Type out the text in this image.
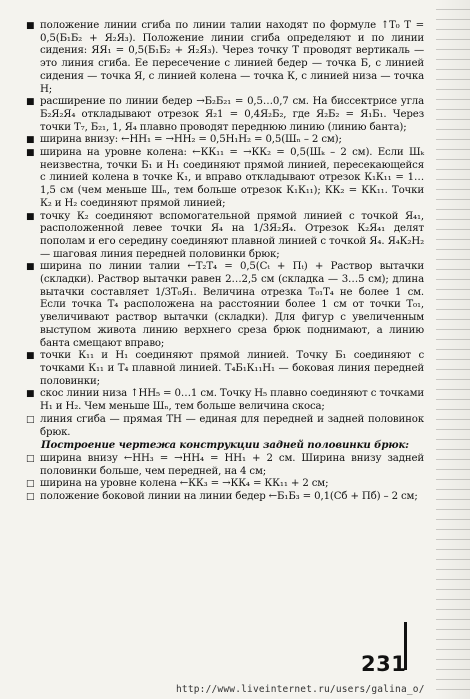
■ положение линии сгиба по линии талии находят по формуле ↑Т₀ Т = 0,5(Б₁Б₂ + Я₂Я₃). Положение линии сгиба определяют и по линии сидения: ЯЯ₁ = 0,5(Б₁Б₂ + Я₂Я₃). Через точку Т проводят вертикаль — это линия сгиба. Ее пересечение с линией бедер — точка Б, с линией сидения — точка Я, с линией колена — точка К, с линией низа — точка Н;
■ расширение по линии бедер →Б₂Б₂₁ = 0,5…0,7 см. На биссектрисе угла Б₂Я₂Я₄ откладывают отрезок Я₂1 = 0,4Я₂Б₂, где Я₂Б₂ = Я₁Б₁. Через точки Т₇, Б₂₁, 1, Я₄ плавно проводят переднюю линию (линию банта);
■ ширина внизу: ←НН₁ = →НН₂ = 0,5Н₁Н₂ = 0,5(Шₙ – 2 см);
■ ширина на уровне колена: ←КК₁₁ = →КК₂ = 0,5(Шₖ – 2 см). Если Шₖ неизвестна, точки Б₁ и Н₁ соединяют прямой линией, пересекающейся с линией колена в точке К₁, и вправо откладывают отрезок К₁К₁₁ = 1…1,5 см (чем меньше Шₙ, тем больше отрезок К₁К₁₁); КК₂ = КК₁₁. Точки К₂ и Н₂ соединяют прямой линией;
■ точку К₂ соединяют вспомогательной прямой линией с точкой Я₄₁, расположенной левее точки Я₄ на 1/3Я₂Я₄. Отрезок К₂Я₄₁ делят пополам и его середину соединяют плавной линией с точкой Я₄. Я₄К₂Н₂ — шаговая линия передней половинки брюк;
■ ширина по линии талии ←Т₂Т₄ = 0,5(Сₜ + Пₜ) + Раствор вытачки (складки). Раствор вытачки равен 2…2,5 см (складка — 3…5 см); длина вытачки составляет 1/3Т₀Я₁. Величина отрезка Т₀₁Т₄ не более 1 см. Если точка Т₄ расположена на расстоянии более 1 см от точки Т₀₁, увеличивают раствор вытачки (складки). Для фигур с увеличенным выступом живота линию верхнего среза брюк поднимают, а линию банта смещают вправо;
■ точки К₁₁ и Н₁ соединяют прямой линией. Точку Б₁ соединяют с точками К₁₁ и Т₄ плавной линией. Т₄Б₁К₁₁Н₁ — боковая линия передней половинки;
■ скос линии низа ↑НН₅ = 0…1 см. Точку Н₅ плавно соединяют с точками Н₁ и Н₂. Чем меньше Шₙ, тем больше величина скоса;
□ линия сгиба — прямая ТН — единая для передней и задней половинок брюк.
Построение чертежа конструкции задней половинки брюк:
□ ширина внизу ←НН₃ = →НН₄ = НН₁ + 2 см. Ширина внизу задней половинки больше, чем передней, на 4 см;
□ ширина на уровне колена ←КК₃ = →КК₄ = КК₁₁ + 2 см;
□ положение боковой линии на линии бедер ←Б₁Б₃ = 0,1(Сб + Пб) – 2 см;
231
http://www.liveinternet.ru/users/galina_o/
